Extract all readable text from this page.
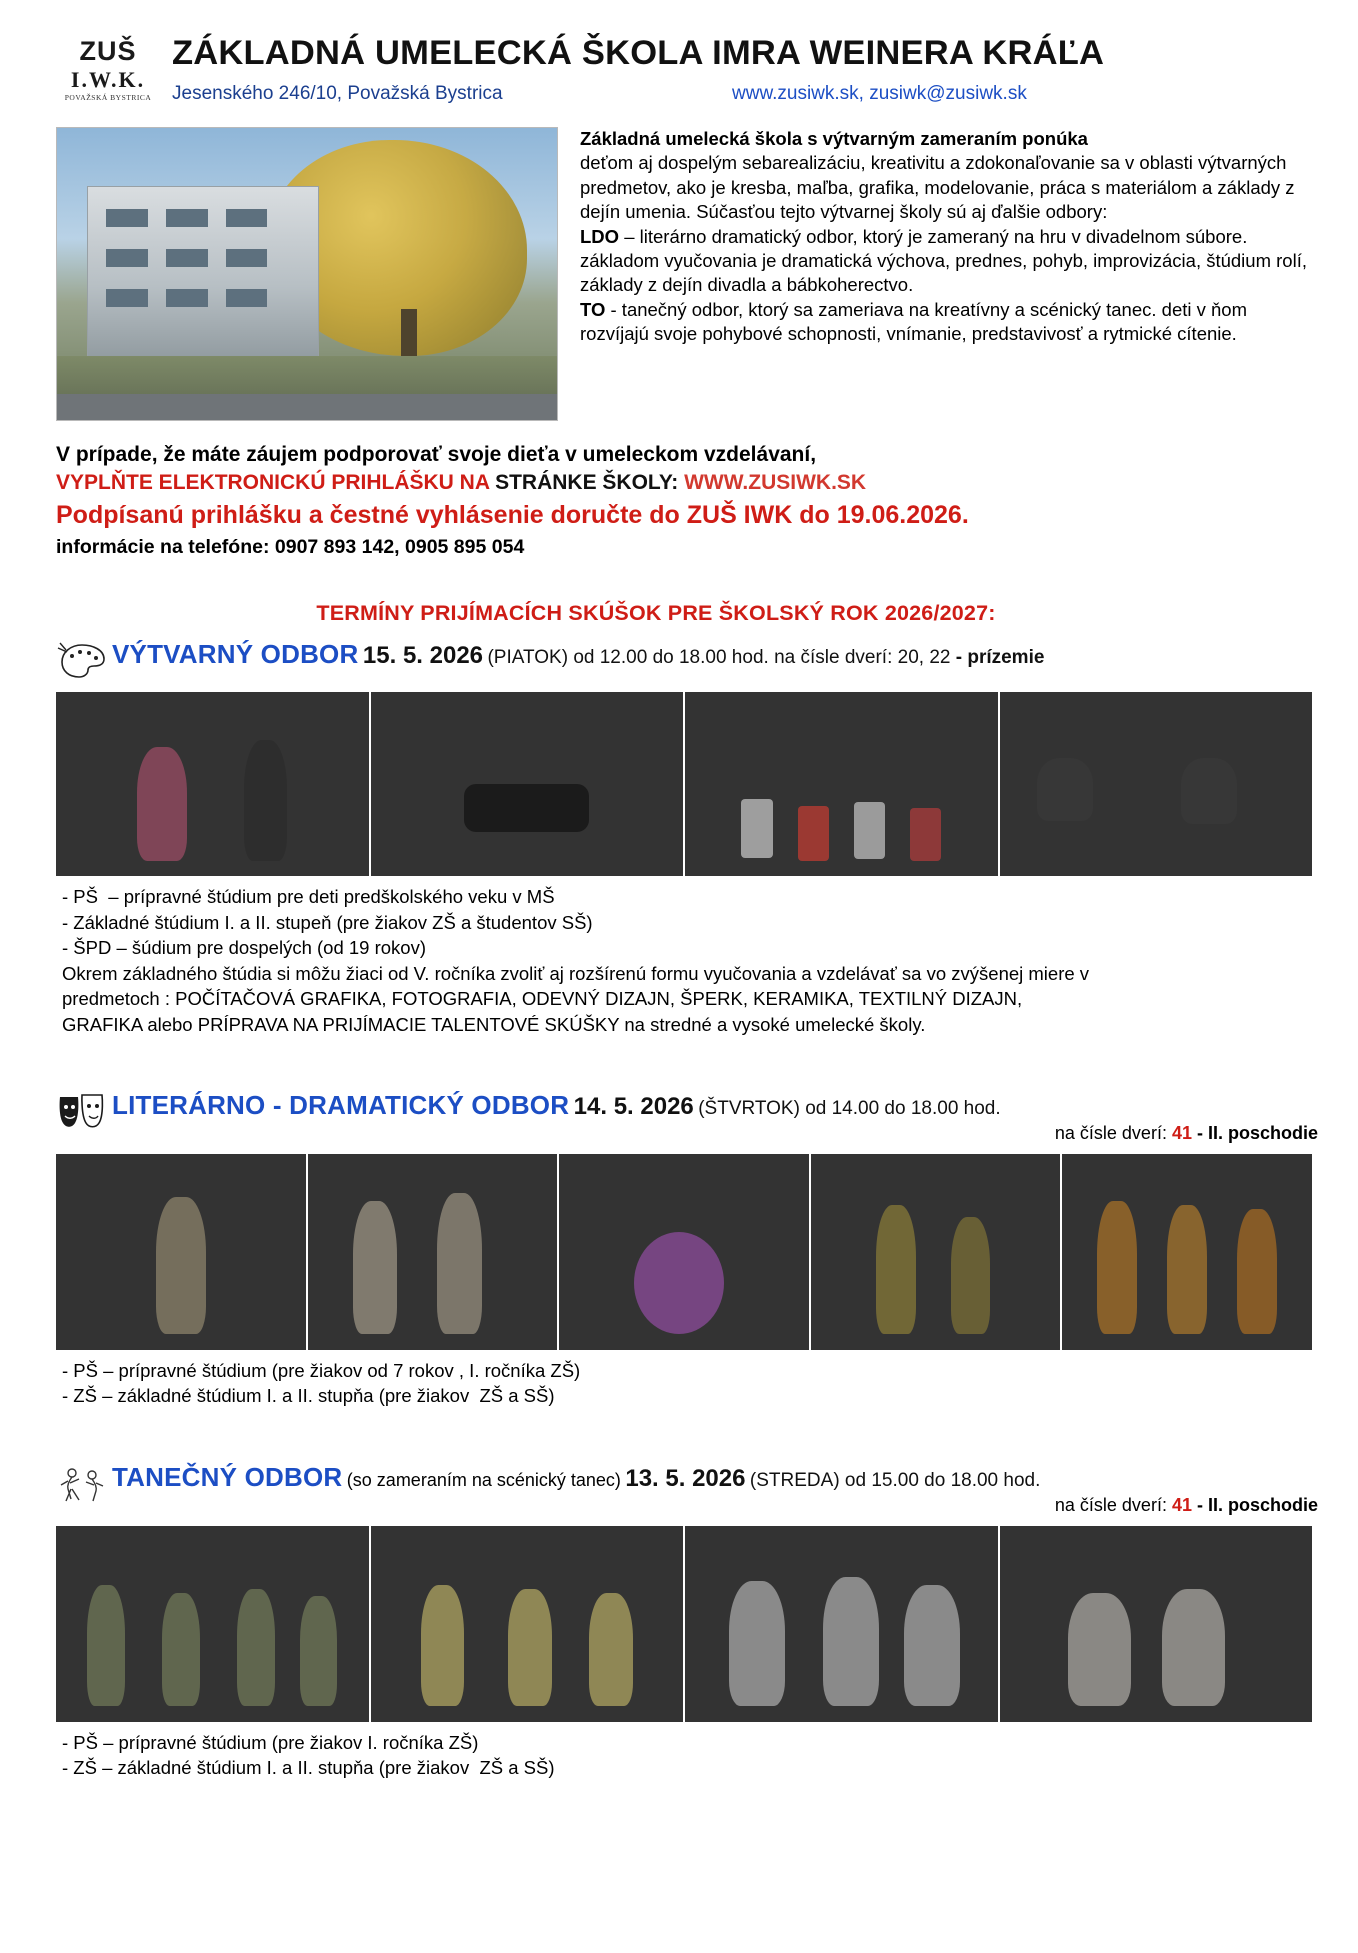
ZUŠ
I.W.K.
POVAŽSKÁ BYSTRICA
ZÁKLADNÁ UMELECKÁ ŠKOLA IMRA WEINERA KRÁĽA
Jesenského 246/10, Považská Bystrica	www.zusiwk.sk, zusiwk@zusiwk.sk
Základná umelecká škola s výtvarným zameraním ponúka
deťom aj dospelým sebarealizáciu, kreativitu a zdokonaľovanie sa v oblasti výtvarných predmetov, ako je kresba, maľba, grafika, modelovanie, práca s materiálom a základy z dejín umenia. Súčasťou tejto výtvarnej školy sú aj ďalšie odbory:
LDO – literárno dramatický odbor, ktorý je zameraný na hru v divadelnom súbore. základom vyučovania je dramatická výchova, prednes, pohyb, improvizácia, štúdium rolí, základy z dejín divadla a bábkoherectvo.
TO - tanečný odbor, ktorý sa zameriava na kreatívny a scénický tanec. deti v ňom rozvíjajú svoje pohybové schopnosti, vnímanie, predstavivosť a rytmické cítenie.
V prípade, že máte záujem podporovať svoje dieťa v umeleckom vzdelávaní,
VYPLŇTE ELEKTRONICKÚ PRIHLÁŠKU NA STRÁNKE ŠKOLY: WWW.ZUSIWK.SK
Podpísanú prihlášku a čestné vyhlásenie doručte do ZUŠ IWK do 19.06.2026.
informácie na telefóne: 0907 893 142, 0905 895 054
TERMÍNY PRIJÍMACÍCH SKÚŠOK PRE ŠKOLSKÝ ROK 2026/2027:
VÝTVARNÝ ODBOR 15. 5. 2026 (PIATOK) od 12.00 do 18.00 hod. na čísle dverí: 20, 22 - prízemie
- PŠ  – prípravné štúdium pre deti predškolského veku v MŠ
- Základné štúdium I. a II. stupeň (pre žiakov ZŠ a študentov SŠ)
- ŠPD – šúdium pre dospelých (od 19 rokov)
Okrem základného štúdia si môžu žiaci od V. ročníka zvoliť aj rozšírenú formu vyučovania a vzdelávať sa vo zvýšenej miere v
predmetoch : POČÍTAČOVÁ GRAFIKA, FOTOGRAFIA, ODEVNÝ DIZAJN, ŠPERK, KERAMIKA, TEXTILNÝ DIZAJN,
GRAFIKA alebo PRÍPRAVA NA PRIJÍMACIE TALENTOVÉ SKÚŠKY na stredné a vysoké umelecké školy.
LITERÁRNO - DRAMATICKÝ ODBOR 14. 5. 2026 (ŠTVRTOK) od 14.00 do 18.00 hod.
na čísle dverí: 41 - II. poschodie
- PŠ – prípravné štúdium (pre žiakov od 7 rokov , I. ročníka ZŠ)
- ZŠ – základné štúdium I. a II. stupňa (pre žiakov  ZŠ a SŠ)
TANEČNÝ ODBOR (so zameraním na scénický tanec) 13. 5. 2026 (STREDA) od 15.00 do 18.00 hod.
na čísle dverí: 41 - II. poschodie
- PŠ – prípravné štúdium (pre žiakov I. ročníka ZŠ)
- ZŠ – základné štúdium I. a II. stupňa (pre žiakov  ZŠ a SŠ)
